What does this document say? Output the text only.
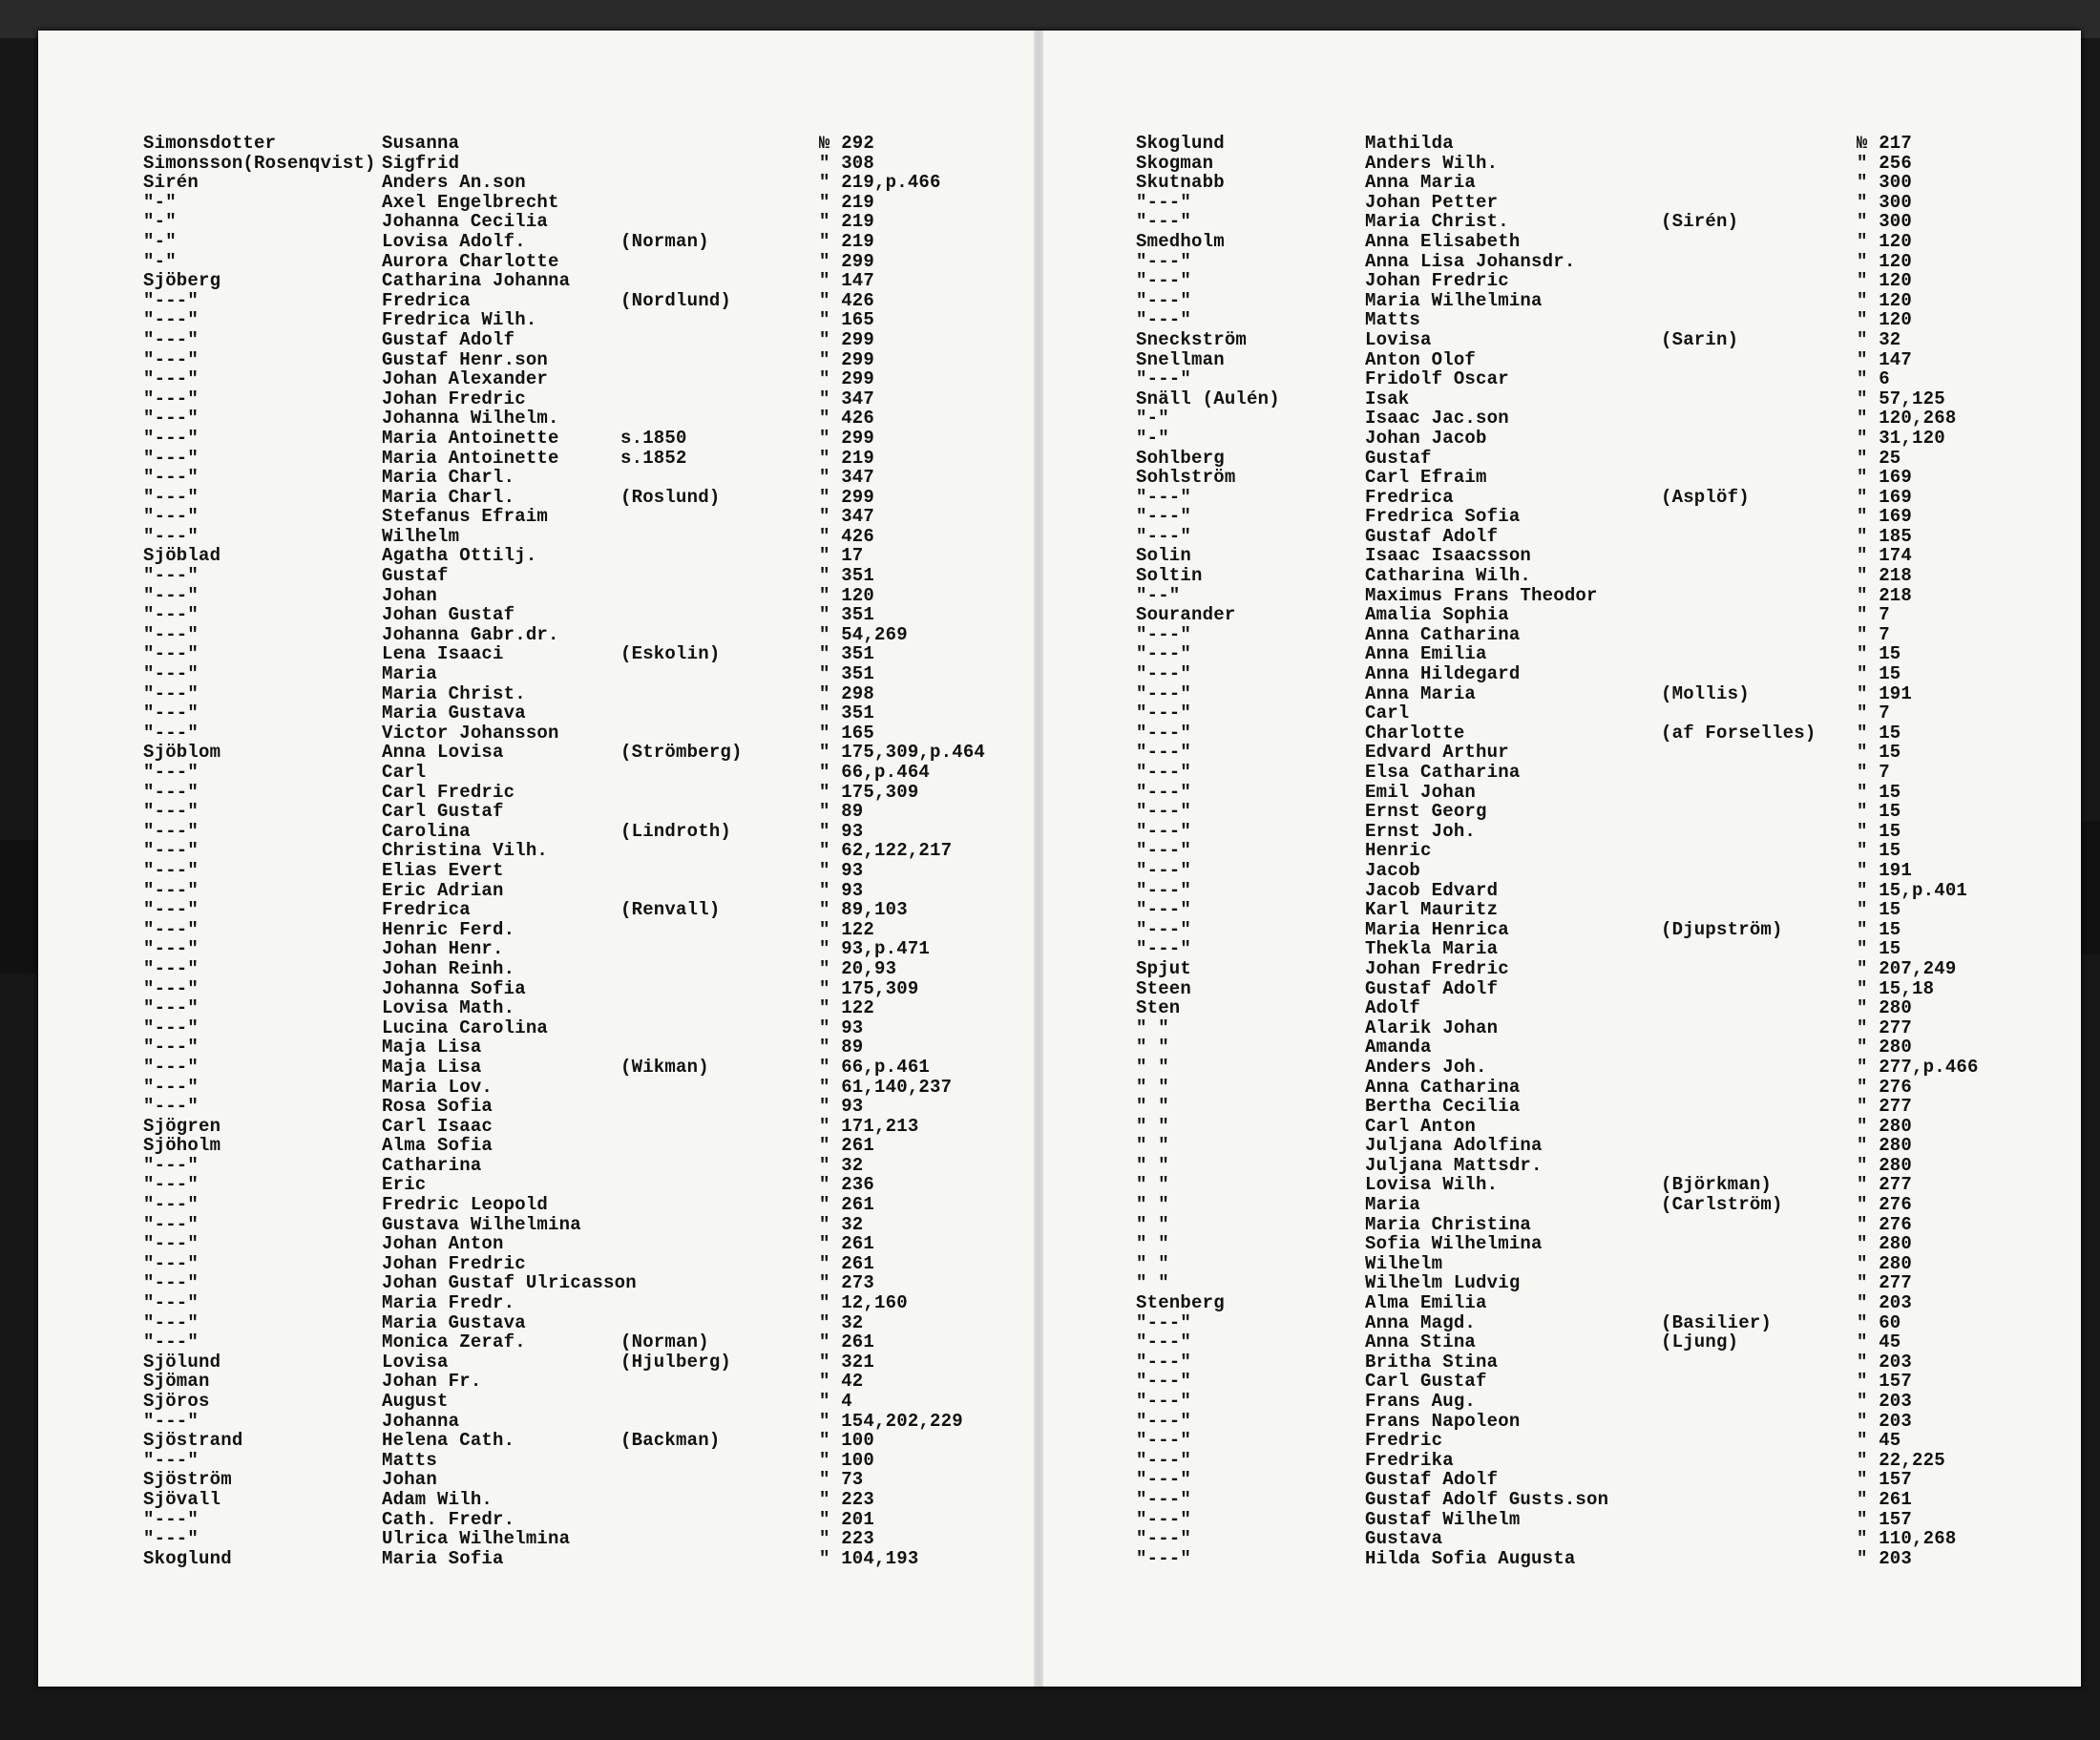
Simonsdotter	Susanna	№ 292
Simonsson(Rosenqvist) Sigfrid	" 308
Sirén	Anders An.son	" 219,p.466
"-"	Axel Engelbrecht	" 219
"-"	Johanna Cecilia	" 219
"-"	Lovisa Adolf.	(Norman)	" 219
"-"	Aurora Charlotte	" 299
Sjöberg	Catharina Johanna	" 147
"---"	Fredrica	(Nordlund)	" 426
"---"	Fredrica Wilh.	" 165
"---"	Gustaf Adolf	" 299
"---"	Gustaf Henr.son	" 299
"---"	Johan Alexander	" 299
"---"	Johan Fredric	" 347
"---"	Johanna Wilhelm.	" 426
"---"	Maria Antoinette	s.1850	" 299
"---"	Maria Antoinette	s.1852	" 219
"---"	Maria Charl.	" 347
"---"	Maria Charl.	(Roslund)	" 299
"---"	Stefanus Efraim	" 347
"---"	Wilhelm	" 426
Sjöblad	Agatha Ottilj.	" 17
"---"	Gustaf	" 351
"---"	Johan	" 120
"---"	Johan Gustaf	" 351
"---"	Johanna Gabr.dr.	" 54,269
"---"	Lena Isaaci	(Eskolin)	" 351
"---"	Maria	" 351
"---"	Maria Christ.	" 298
"---"	Maria Gustava	" 351
"---"	Victor Johansson	" 165
Sjöblom	Anna Lovisa	(Strömberg)	" 175,309,p.464
"---"	Carl	" 66,p.464
"---"	Carl Fredric	" 175,309
"---"	Carl Gustaf	" 89
"---"	Carolina	(Lindroth)	" 93
"---"	Christina Vilh.	" 62,122,217
"---"	Elias Evert	" 93
"---"	Eric Adrian	" 93
"---"	Fredrica	(Renvall)	" 89,103
"---"	Henric Ferd.	" 122
"---"	Johan Henr.	" 93,p.471
"---"	Johan Reinh.	" 20,93
"---"	Johanna Sofia	" 175,309
"---"	Lovisa Math.	" 122
"---"	Lucina Carolina	" 93
"---"	Maja Lisa	" 89
"---"	Maja Lisa	(Wikman)	" 66,p.461
"---"	Maria Lov.	" 61,140,237
"---"	Rosa Sofia	" 93
Sjögren	Carl Isaac	" 171,213
Sjöholm	Alma Sofia	" 261
"---"	Catharina	" 32
"---"	Eric	" 236
"---"	Fredric Leopold	" 261
"---"	Gustava Wilhelmina	" 32
"---"	Johan Anton	" 261
"---"	Johan Fredric	" 261
"---"	Johan Gustaf Ulricasson	" 273
"---"	Maria Fredr.	" 12,160
"---"	Maria Gustava	" 32
"---"	Monica Zeraf.	(Norman)	" 261
Sjölund	Lovisa	(Hjulberg)	" 321
Sjöman	Johan Fr.	" 42
Sjöros	August	" 4
"---"	Johanna	" 154,202,229
Sjöstrand	Helena Cath.	(Backman)	" 100
"---"	Matts	" 100
Sjöström	Johan	" 73
Sjövall	Adam Wilh.	" 223
"---"	Cath. Fredr.	" 201
"---"	Ulrica Wilhelmina	" 223
Skoglund	Maria Sofia	" 104,193
Skoglund	Mathilda	№ 217
Skogman	Anders Wilh.	" 256
Skutnabb	Anna Maria	" 300
"---"	Johan Petter	" 300
"---"	Maria Christ.	(Sirén)	" 300
Smedholm	Anna Elisabeth	" 120
"---"	Anna Lisa Johansdr.	" 120
"---"	Johan Fredric	" 120
"---"	Maria Wilhelmina	" 120
"---"	Matts	" 120
Sneckström	Lovisa	(Sarin)	" 32
Snellman	Anton Olof	" 147
"---"	Fridolf Oscar	" 6
Snäll (Aulén)	Isak	" 57,125
"-"	Isaac Jac.son	" 120,268
"-"	Johan Jacob	" 31,120
Sohlberg	Gustaf	" 25
Sohlström	Carl Efraim	" 169
"---"	Fredrica	(Asplöf)	" 169
"---"	Fredrica Sofia	" 169
"---"	Gustaf Adolf	" 185
Solin	Isaac Isaacsson	" 174
Soltin	Catharina Wilh.	" 218
"--"	Maximus Frans Theodor	" 218
Sourander	Amalia Sophia	" 7
"---"	Anna Catharina	" 7
"---"	Anna Emilia	" 15
"---"	Anna Hildegard	" 15
"---"	Anna Maria	(Mollis)	" 191
"---"	Carl	" 7
"---"	Charlotte	(af Forselles) " 15
"---"	Edvard Arthur	" 15
"---"	Elsa Catharina	" 7
"---"	Emil Johan	" 15
"---"	Ernst Georg	" 15
"---"	Ernst Joh.	" 15
"---"	Henric	" 15
"---"	Jacob	" 191
"---"	Jacob Edvard	" 15,p.401
"---"	Karl Mauritz	" 15
"---"	Maria Henrica	(Djupström)	" 15
"---"	Thekla Maria	" 15
Spjut	Johan Fredric	" 207,249
Steen	Gustaf Adolf	" 15,18
Sten	Adolf	" 280
" "	Alarik Johan	" 277
" "	Amanda	" 280
" "	Anders Joh.	" 277,p.466
" "	Anna Catharina	" 276
" "	Bertha Cecilia	" 277
" "	Carl Anton	" 280
" "	Juljana Adolfina	" 280
" "	Juljana Mattsdr.	" 280
" "	Lovisa Wilh.	(Björkman)	" 277
" "	Maria	(Carlström)	" 276
" "	Maria Christina	" 276
" "	Sofia Wilhelmina	" 280
" "	Wilhelm	" 280
" "	Wilhelm Ludvig	" 277
Stenberg	Alma Emilia	" 203
"---"	Anna Magd.	(Basilier)	" 60
"---"	Anna Stina	(Ljung)	" 45
"---"	Britha Stina	" 203
"---"	Carl Gustaf	" 157
"---"	Frans Aug.	" 203
"---"	Frans Napoleon	" 203
"---"	Fredric	" 45
"---"	Fredrika	" 22,225
"---"	Gustaf Adolf	" 157
"---"	Gustaf Adolf Gusts.son	" 261
"---"	Gustaf Wilhelm	" 157
"---"	Gustava	" 110,268
"---"	Hilda Sofia Augusta	" 203
